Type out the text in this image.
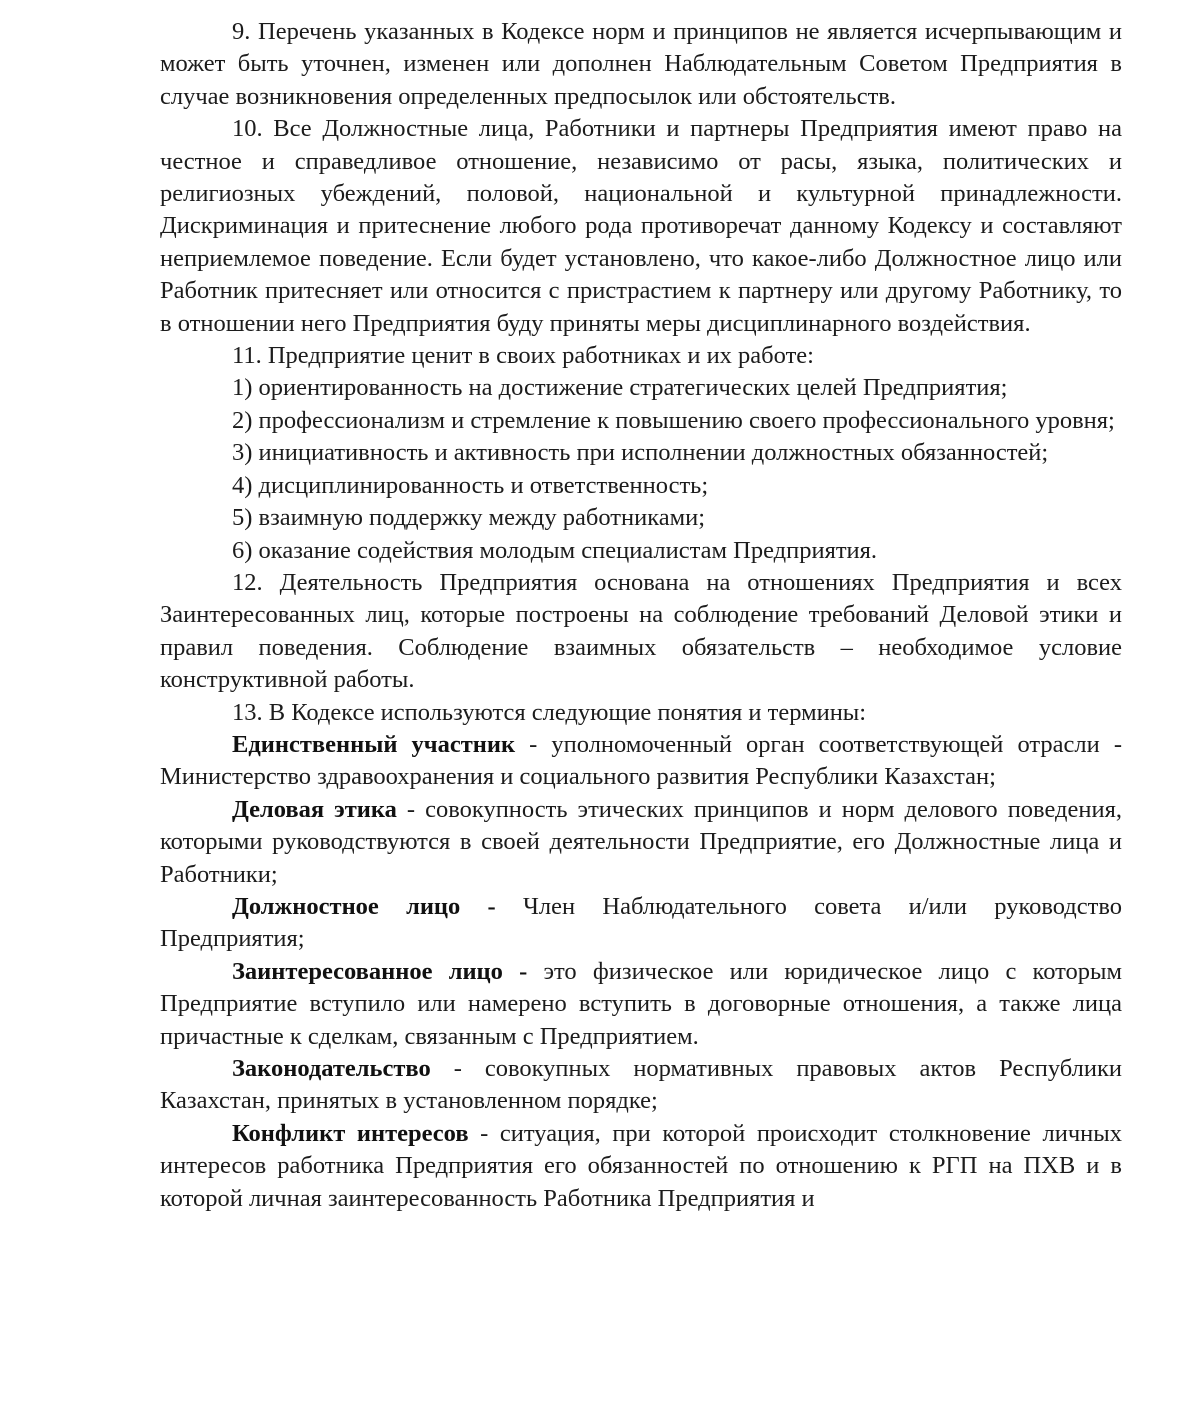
9. Перечень указанных в Кодексе норм и принципов не является исчерпывающим и может быть уточнен, изменен или дополнен Наблюдательным Советом Предприятия в случае возникновения определенных предпосылок или обстоятельств.

10. Все Должностные лица, Работники и партнеры Предприятия имеют право на честное и справедливое отношение, независимо от расы, языка, политических и религиозных убеждений, половой, национальной и культурной принадлежности. Дискриминация и притеснение любого рода противоречат данному Кодексу и составляют неприемлемое поведение. Если будет установлено, что какое-либо Должностное лицо или Работник притесняет или относится с пристрастием к партнеру или другому Работнику, то в отношении него Предприятия буду приняты меры дисциплинарного воздействия.

11. Предприятие ценит в своих работниках и их работе:

1) ориентированность на достижение стратегических целей Предприятия;

2) профессионализм и стремление к повышению своего профессионального уровня;

3) инициативность и активность при исполнении должностных обязанностей;

4) дисциплинированность и ответственность;

5) взаимную поддержку между работниками;

6) оказание содействия молодым специалистам Предприятия.

12. Деятельность Предприятия основана на отношениях Предприятия и всех Заинтересованных лиц, которые построены на соблюдение требований Деловой этики и правил поведения. Соблюдение взаимных обязательств – необходимое условие конструктивной работы.

13. В Кодексе используются следующие понятия и термины:

Единственный участник - уполномоченный орган соответствующей отрасли - Министерство здравоохранения и социального развития Республики Казахстан;

Деловая этика - совокупность этических принципов и норм делового поведения, которыми руководствуются в своей деятельности Предприятие, его Должностные лица и Работники;

Должностное лицо - Член Наблюдательного совета и/или руководство Предприятия;

Заинтересованное лицо - это физическое или юридическое лицо с которым Предприятие вступило или намерено вступить в договорные отношения, а также лица причастные к сделкам, связанным с Предприятием.

Законодательство - совокупных нормативных правовых актов Республики Казахстан, принятых в установленном порядке;

Конфликт интересов - ситуация, при которой происходит столкновение личных интересов работника Предприятия его обязанностей по отношению к РГП на ПХВ и в которой личная заинтересованность Работника Предприятия и
